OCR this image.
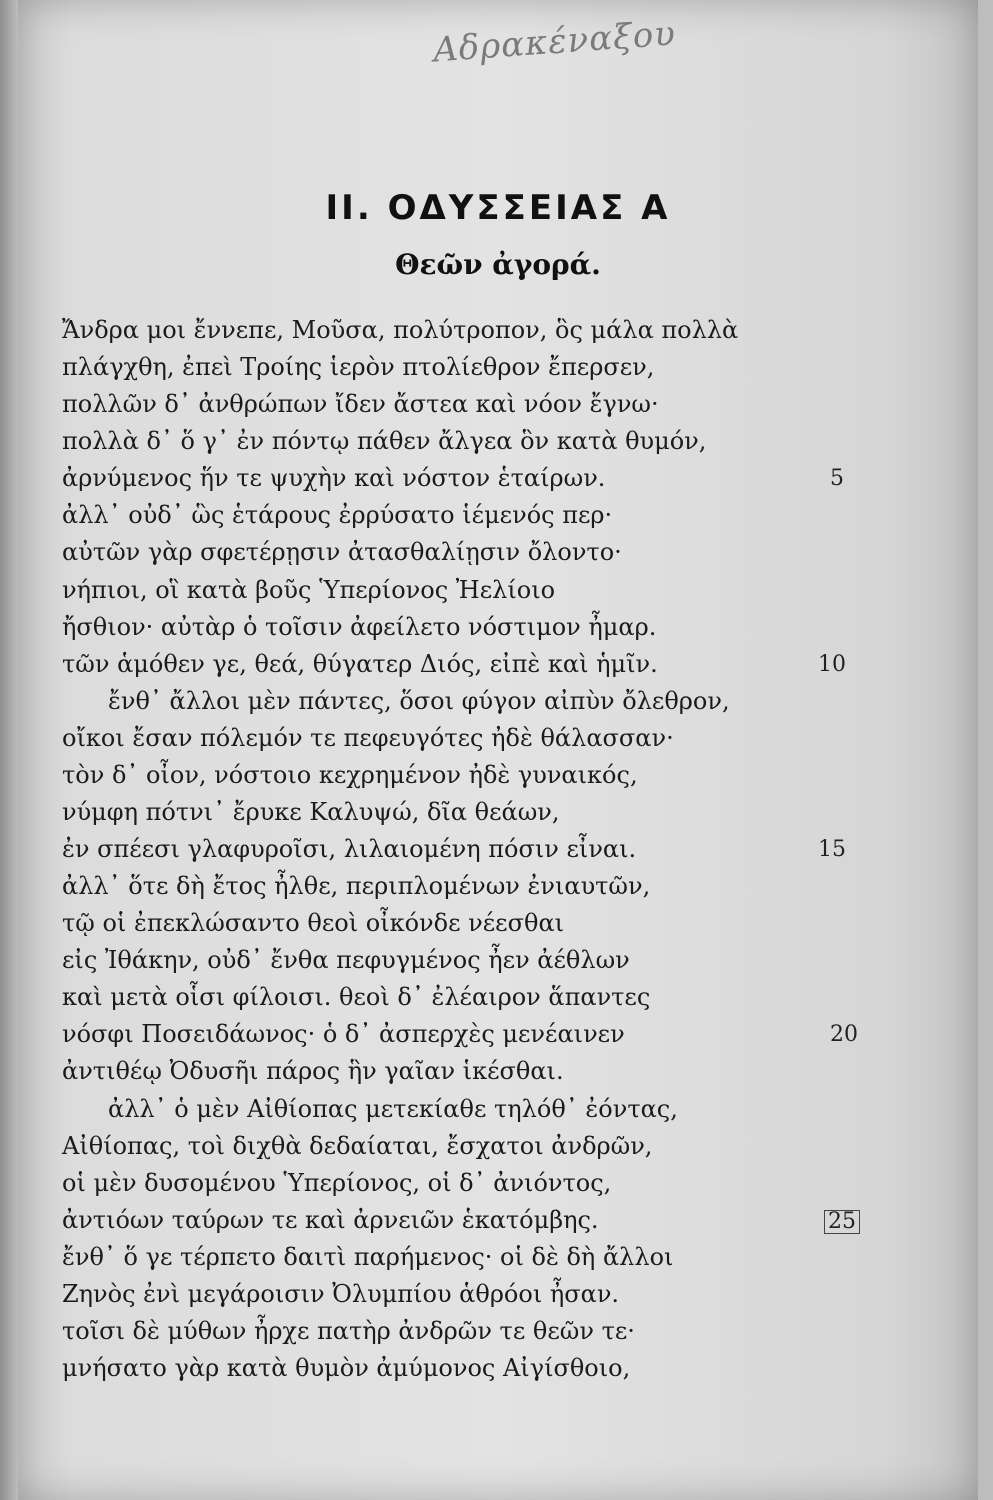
Αδρακέναξου
ΙΙ. ΟΔΥΣΣΕΙΑΣ Α
Θεῶν ἀγορά.
Ἄνδρα μοι ἔννεπε, Μοῦσα, πολύτροπον, ὃς μάλα πολλὰ
πλάγχθη, ἐπεὶ Τροίης ἱερὸν πτολίεθρον ἔπερσεν,
πολλῶν δ᾽ ἀνθρώπων ἴδεν ἄστεα καὶ νόον ἔγνω·
πολλὰ δ᾽ ὅ γ᾽ ἐν πόντῳ πάθεν ἄλγεα ὃν κατὰ θυμόν,
ἀρνύμενος ἥν τε ψυχὴν καὶ νόστον ἑταίρων.
ἀλλ᾽ οὐδ᾽ ὣς ἑτάρους ἐρρύσατο ἱέμενός περ·
αὐτῶν γὰρ σφετέρῃσιν ἀτασθαλίῃσιν ὄλοντο·
νήπιοι, οἳ κατὰ βοῦς Ὑπερίονος Ἠελίοιο
ἤσθιον· αὐτὰρ ὁ τοῖσιν ἀφείλετο νόστιμον ἦμαρ.
τῶν ἁμόθεν γε, θεά, θύγατερ Διός, εἰπὲ καὶ ἡμῖν.
ἔνθ᾽ ἄλλοι μὲν πάντες, ὅσοι φύγον αἰπὺν ὄλεθρον,
οἴκοι ἔσαν πόλεμόν τε πεφευγότες ἠδὲ θάλασσαν·
τὸν δ᾽ οἶον, νόστοιο κεχρημένον ἠδὲ γυναικός,
νύμφη πότνι᾽ ἔρυκε Καλυψώ, δῖα θεάων,
ἐν σπέεσι γλαφυροῖσι, λιλαιομένη πόσιν εἶναι.
ἀλλ᾽ ὅτε δὴ ἔτος ἦλθε, περιπλομένων ἐνιαυτῶν,
τῷ οἱ ἐπεκλώσαντο θεοὶ οἶκόνδε νέεσθαι
εἰς Ἰθάκην, οὐδ᾽ ἔνθα πεφυγμένος ἦεν ἀέθλων
καὶ μετὰ οἷσι φίλοισι. θεοὶ δ᾽ ἐλέαιρον ἅπαντες
νόσφι Ποσειδάωνος· ὁ δ᾽ ἀσπερχὲς μενέαινεν
ἀντιθέῳ Ὀδυσῆι πάρος ἣν γαῖαν ἱκέσθαι.
ἀλλ᾽ ὁ μὲν Αἰθίοπας μετεκίαθε τηλόθ᾽ ἐόντας,
Αἰθίοπας, τοὶ διχθὰ δεδαίαται, ἔσχατοι ἀνδρῶν,
οἱ μὲν δυσομένου Ὑπερίονος, οἱ δ᾽ ἀνιόντος,
ἀντιόων ταύρων τε καὶ ἀρνειῶν ἑκατόμβης.
ἔνθ᾽ ὅ γε τέρπετο δαιτὶ παρήμενος· οἱ δὲ δὴ ἄλλοι
Ζηνὸς ἐνὶ μεγάροισιν Ὀλυμπίου ἁθρόοι ἦσαν.
τοῖσι δὲ μύθων ἦρχε πατὴρ ἀνδρῶν τε θεῶν τε·
μνήσατο γὰρ κατὰ θυμὸν ἀμύμονος Αἰγίσθοιο,
5
10
15
20
25
